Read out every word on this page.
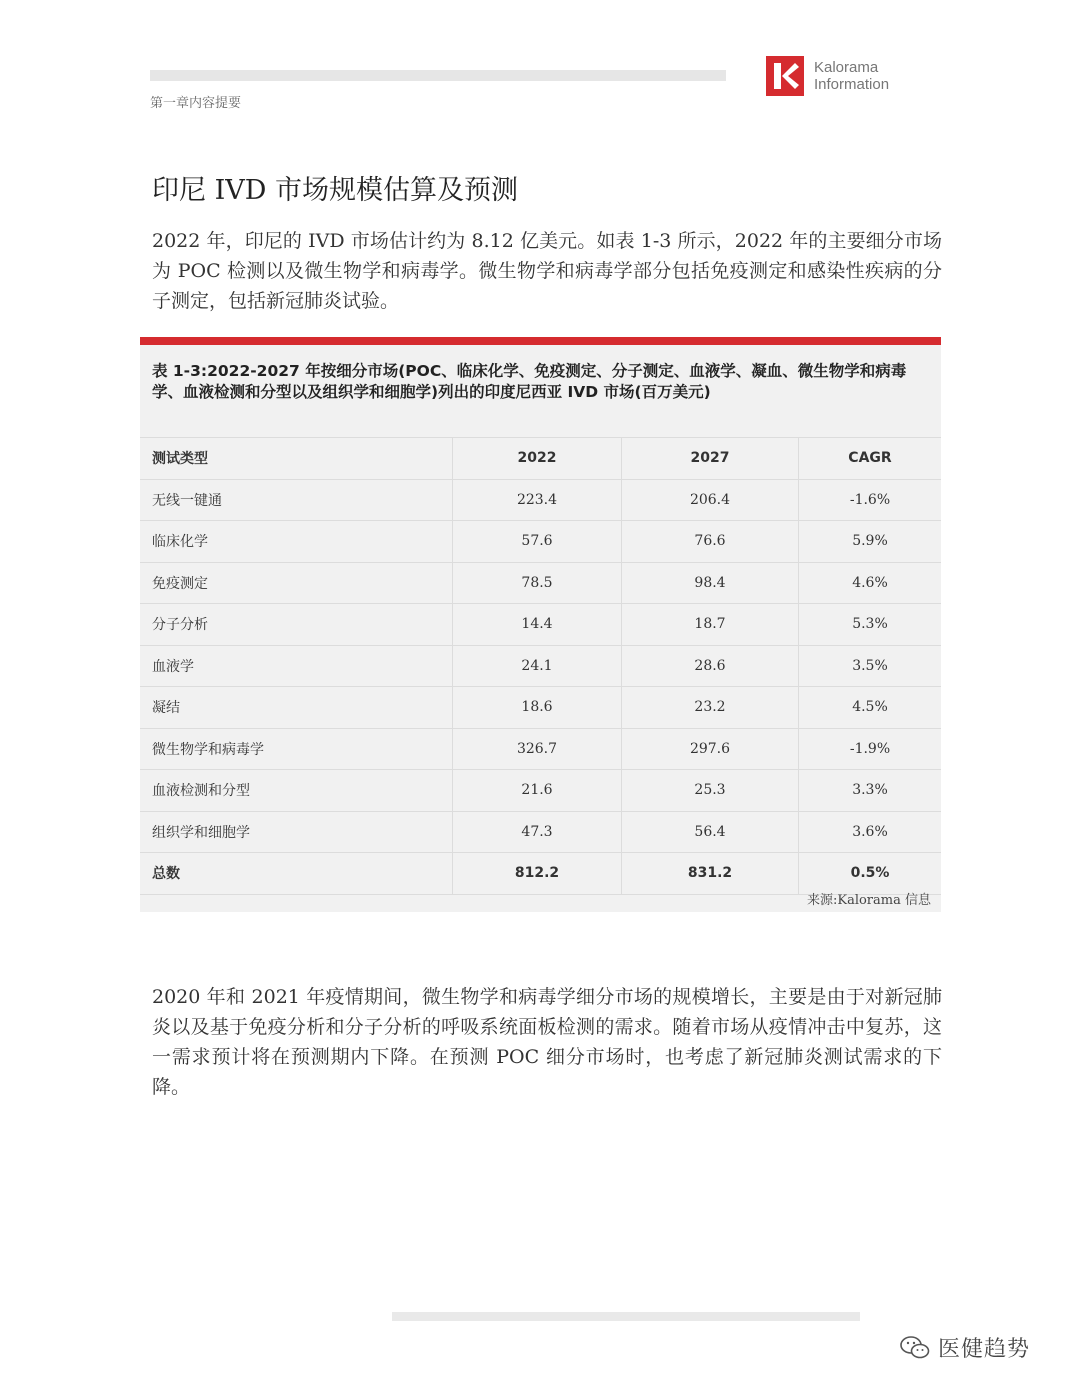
第一章内容提要
Kalorama
Information
印尼 IVD 市场规模估算及预测

2022 年，印尼的 IVD 市场估计约为 8.12 亿美元。如表 1-3 所示，2022 年的主要细分市场为 POC 检测以及微生物学和病毒学。微生物学和病毒学部分包括免疫测定和感染性疾病的分子测定，包括新冠肺炎试验。

表 1-3:2022-2027 年按细分市场(POC、临床化学、免疫测定、分子测定、血液学、凝血、微生物学和病毒学、血液检测和分型以及组织学和细胞学)列出的印度尼西亚 IVD 市场(百万美元)
测试类型	2022	2027	CAGR
无线一键通	223.4	206.4	-1.6%
临床化学	57.6	76.6	5.9%
免疫测定	78.5	98.4	4.6%
分子分析	14.4	18.7	5.3%
血液学	24.1	28.6	3.5%
凝结	18.6	23.2	4.5%
微生物学和病毒学	326.7	297.6	-1.9%
血液检测和分型	21.6	25.3	3.3%
组织学和细胞学	47.3	56.4	3.6%
总数	812.2	831.2	0.5%
来源:Kalorama 信息

2020 年和 2021 年疫情期间，微生物学和病毒学细分市场的规模增长，主要是由于对新冠肺炎以及基于免疫分析和分子分析的呼吸系统面板检测的需求。随着市场从疫情冲击中复苏，这一需求预计将在预测期内下降。在预测 POC 细分市场时，也考虑了新冠肺炎测试需求的下降。

医健趋势
